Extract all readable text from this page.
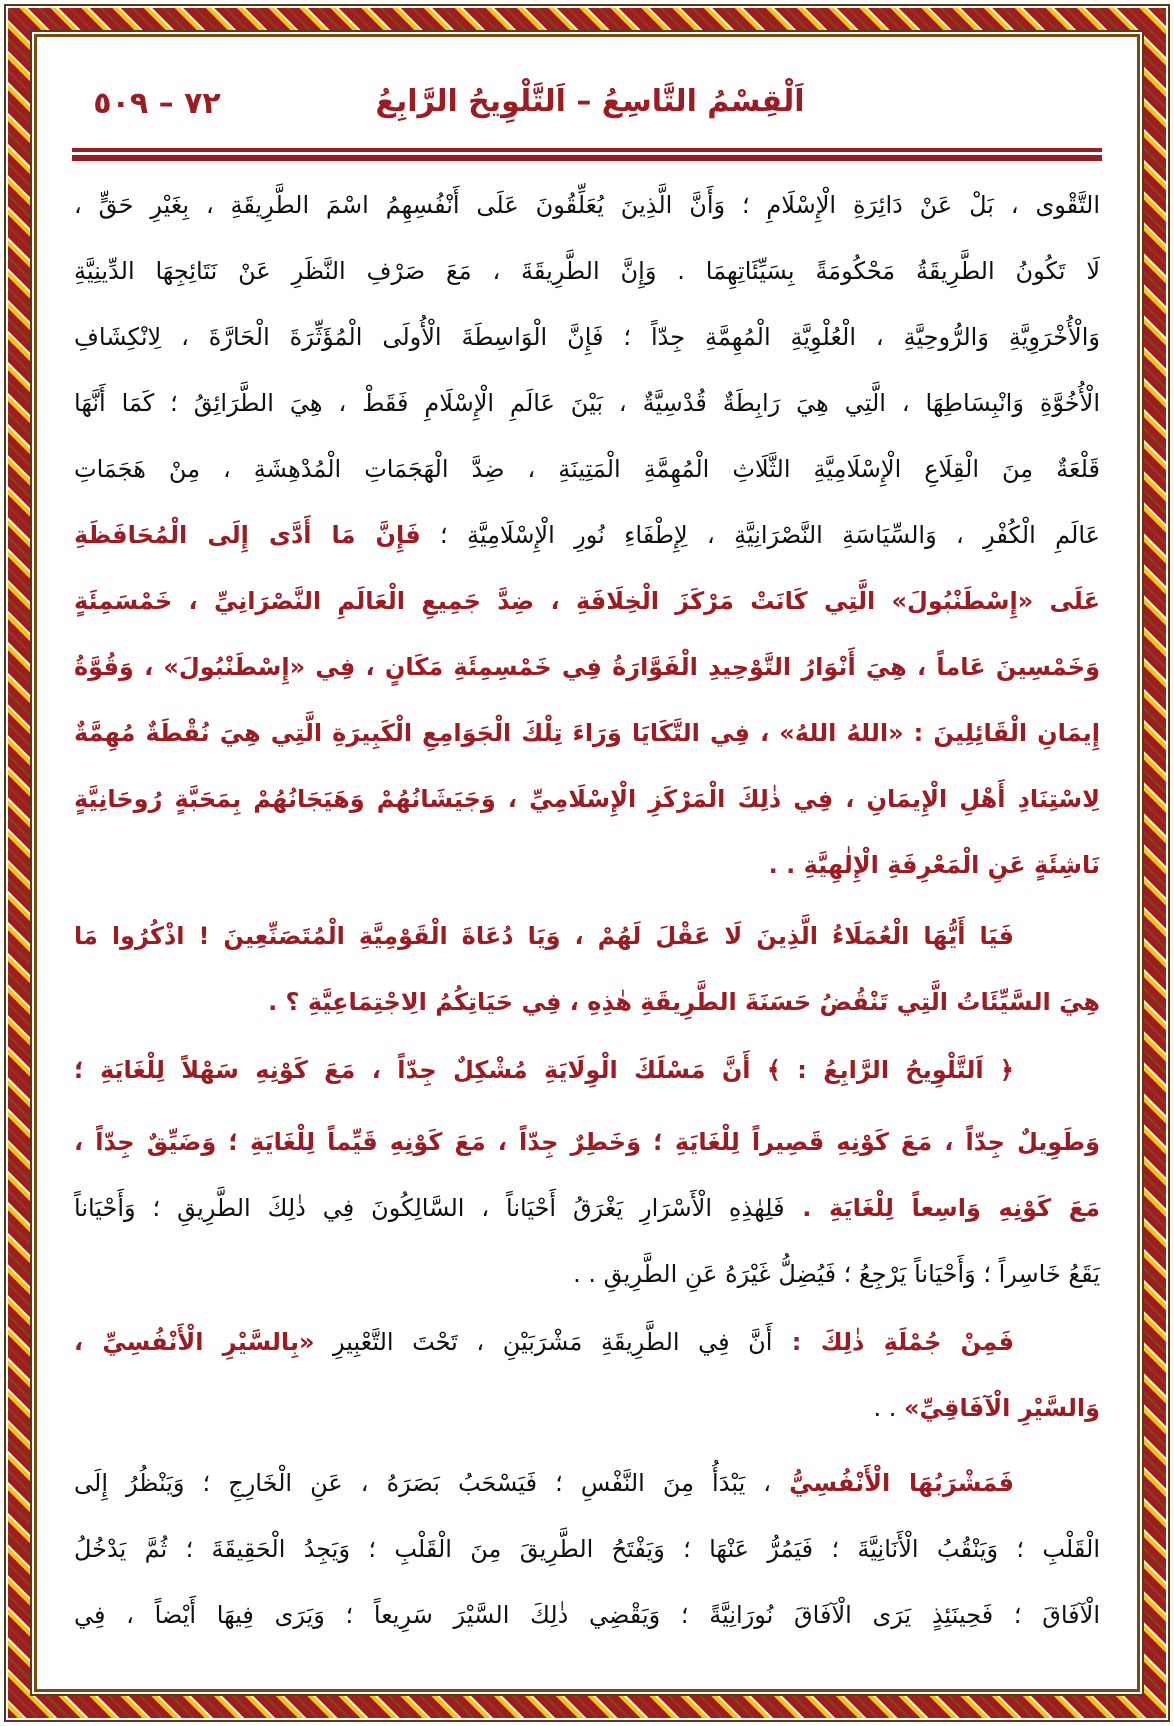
اَلْقِسْمُ التَّاسِعُ – اَلتَّلْوِيحُ الرَّابِعُ
٧٢ – ٥٠٩
التَّقْوى ، بَلْ عَنْ دَائِرَةِ الْإِسْلَامِ ؛ وَأَنَّ الَّذِينَ يُعَلِّقُونَ عَلَى أَنْفُسِهِمُ اسْمَ الطَّرِيقَةِ ، بِغَيْرِ حَقٍّ ،
لَا تَكُونُ الطَّرِيقَةُ مَحْكُومَةً بِسَيِّئَاتِهِمَا . وَإِنَّ الطَّرِيقَةَ ، مَعَ صَرْفِ النَّظَرِ عَنْ نَتَائِجِهَا الدِّينِيَّةِ
وَالْأُخْرَوِيَّةِ وَالرُّوحِيَّةِ ، الْعُلْوِيَّةِ الْمُهِمَّةِ جِدّاً ؛ فَإِنَّ الْوَاسِطَةَ الْأُولَى الْمُؤَثِّرَةَ الْحَارَّةَ ، لِانْكِشَافِ
الْأُخُوَّةِ وَانْبِسَاطِهَا ، الَّتِي هِيَ رَابِطَةٌ قُدْسِيَّةٌ ، بَيْنَ عَالَمِ الْإِسْلَامِ فَقَطْ ، هِيَ الطَّرَائِقُ ؛ كَمَا أَنَّهَا
قَلْعَةٌ مِنَ الْقِلَاعِ الْإِسْلَامِيَّةِ الثَّلَاثِ الْمُهِمَّةِ الْمَتِينَةِ ، ضِدَّ الْهَجَمَاتِ الْمُدْهِشَةِ ، مِنْ هَجَمَاتِ
عَالَمِ الْكُفْرِ ، وَالسِّيَاسَةِ النَّصْرَانِيَّةِ ، لِإِطْفَاءِ نُورِ الْإِسْلَامِيَّةِ ؛ فَإِنَّ مَا أَدَّى إِلَى الْمُحَافَظَةِ
عَلَى «إِسْطَنْبُولَ» الَّتِي كَانَتْ مَرْكَزَ الْخِلَافَةِ ، ضِدَّ جَمِيعِ الْعَالَمِ النَّصْرَانِيِّ ، خَمْسَمِئَةٍ
وَخَمْسِينَ عَاماً ، هِيَ أَنْوَارُ التَّوْحِيدِ الْفَوَّارَةُ فِي خَمْسِمِئَةِ مَكَانٍ ، فِي «إِسْطَنْبُولَ» ، وَقُوَّةُ
إِيمَانِ الْقَائِلِينَ : «اللهُ اللهُ» ، فِي التَّكَايَا وَرَاءَ تِلْكَ الْجَوَامِعِ الْكَبِيرَةِ الَّتِي هِيَ نُقْطَةٌ مُهِمَّةٌ
لِاسْتِنَادِ أَهْلِ الْإِيمَانِ ، فِي ذٰلِكَ الْمَرْكَزِ الْإِسْلَامِيِّ ، وَجَيَشَانُهُمْ وَهَيَجَانُهُمْ بِمَحَبَّةٍ رُوحَانِيَّةٍ
نَاشِئَةٍ عَنِ الْمَعْرِفَةِ الْإِلٰهِيَّةِ . .
فَيَا أَيُّهَا الْعُمَلَاءُ الَّذِينَ لَا عَقْلَ لَهُمْ ، وَيَا دُعَاةَ الْقَوْمِيَّةِ الْمُتَصَنِّعِينَ ! اذْكُرُوا مَا
هِيَ السَّيِّئَاتُ الَّتِي تَنْقُضُ حَسَنَةَ الطَّرِيقَةِ هٰذِهِ ، فِي حَيَاتِكُمُ الِاجْتِمَاعِيَّةِ ؟ .
﴿ اَلتَّلْوِيحُ الرَّابِعُ : ﴾ أَنَّ مَسْلَكَ الْوِلَايَةِ مُشْكِلٌ جِدّاً ، مَعَ كَوْنِهِ سَهْلاً لِلْغَايَةِ ؛
وَطَوِيلٌ جِدّاً ، مَعَ كَوْنِهِ قَصِيراً لِلْغَايَةِ ؛ وَخَطِرٌ جِدّاً ، مَعَ كَوْنِهِ قَيِّماً لِلْغَايَةِ ؛ وَضَيِّقٌ جِدّاً ،
مَعَ كَوْنِهِ وَاسِعاً لِلْغَايَةِ . فَلِهٰذِهِ الْأَسْرَارِ يَغْرَقُ أَحْيَاناً ، السَّالِكُونَ فِي ذٰلِكَ الطَّرِيقِ ؛ وَأَحْيَاناً
يَقَعُ خَاسِراً ؛ وَأَحْيَاناً يَرْجِعُ ؛ فَيُضِلُّ غَيْرَهُ عَنِ الطَّرِيقِ . .
فَمِنْ جُمْلَةِ ذٰلِكَ : أَنَّ فِي الطَّرِيقَةِ مَشْرَبَيْنِ ، تَحْتَ التَّعْبِيرِ «بِالسَّيْرِ الْأَنْفُسِيِّ ،
وَالسَّيْرِ الْآفَاقِيِّ» . .
فَمَشْرَبُهَا الْأَنْفُسِيُّ ، يَبْدَأُ مِنَ النَّفْسِ ؛ فَيَسْحَبُ بَصَرَهُ ، عَنِ الْخَارِجِ ؛ وَيَنْظُرُ إِلَى
الْقَلْبِ ؛ وَيَنْقُبُ الْأَنَانِيَّةَ ؛ فَيَمُرُّ عَنْهَا ؛ وَيَفْتَحُ الطَّرِيقَ مِنَ الْقَلْبِ ؛ وَيَجِدُ الْحَقِيقَةَ ؛ ثُمَّ يَدْخُلُ
الْآفَاقَ ؛ فَحِينَئِذٍ يَرَى الْآفَاقَ نُورَانِيَّةً ؛ وَيَقْضِي ذٰلِكَ السَّيْرَ سَرِيعاً ؛ وَيَرَى فِيهَا أَيْضاً ، فِي
